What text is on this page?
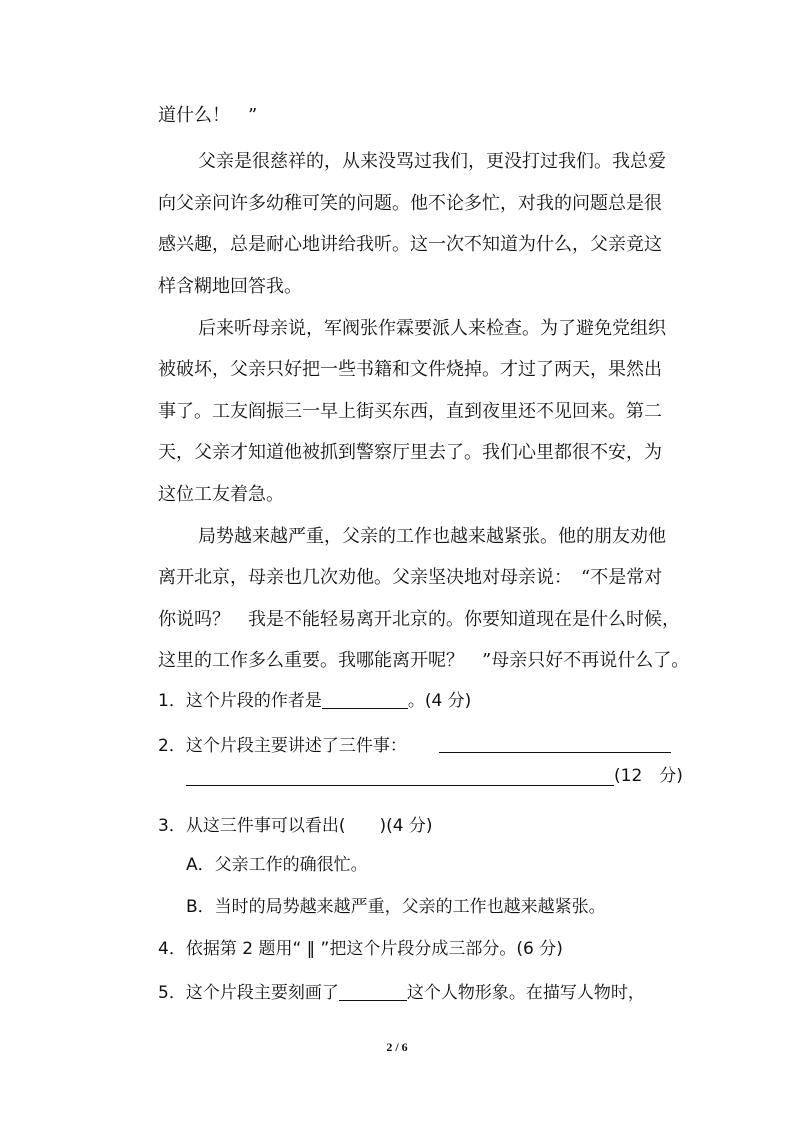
道什么！　”
父亲是很慈祥的，从来没骂过我们，更没打过我们。我总爱
向父亲问许多幼稚可笑的问题。他不论多忙，对我的问题总是很
感兴趣，总是耐心地讲给我听。这一次不知道为什么，父亲竟这
样含糊地回答我。
后来听母亲说，军阀张作霖要派人来检查。为了避免党组织
被破坏，父亲只好把一些书籍和文件烧掉。才过了两天，果然出
事了。工友阎振三一早上街买东西，直到夜里还不见回来。第二
天，父亲才知道他被抓到警察厅里去了。我们心里都很不安，为
这位工友着急。
局势越来越严重，父亲的工作也越来越紧张。他的朋友劝他
离开北京，母亲也几次劝他。父亲坚决地对母亲说：　“不是常对
你说吗？　我是不能轻易离开北京的。你要知道现在是什么时候，
这里的工作多么重要。我哪能离开呢？　”母亲只好不再说什么了。
1．这个片段的作者是	。(4 分)
2．这个片段主要讲述了三件事：
(12　分)
3．从这三件事可以看出(　　)(4 分)
A．父亲工作的确很忙。
B．当时的局势越来越严重，父亲的工作也越来越紧张。
4．依据第 2 题用“ ‖ ”把这个片段分成三部分。(6 分)
5．这个片段主要刻画了	这个人物形象。在描写人物时，
2 / 6
